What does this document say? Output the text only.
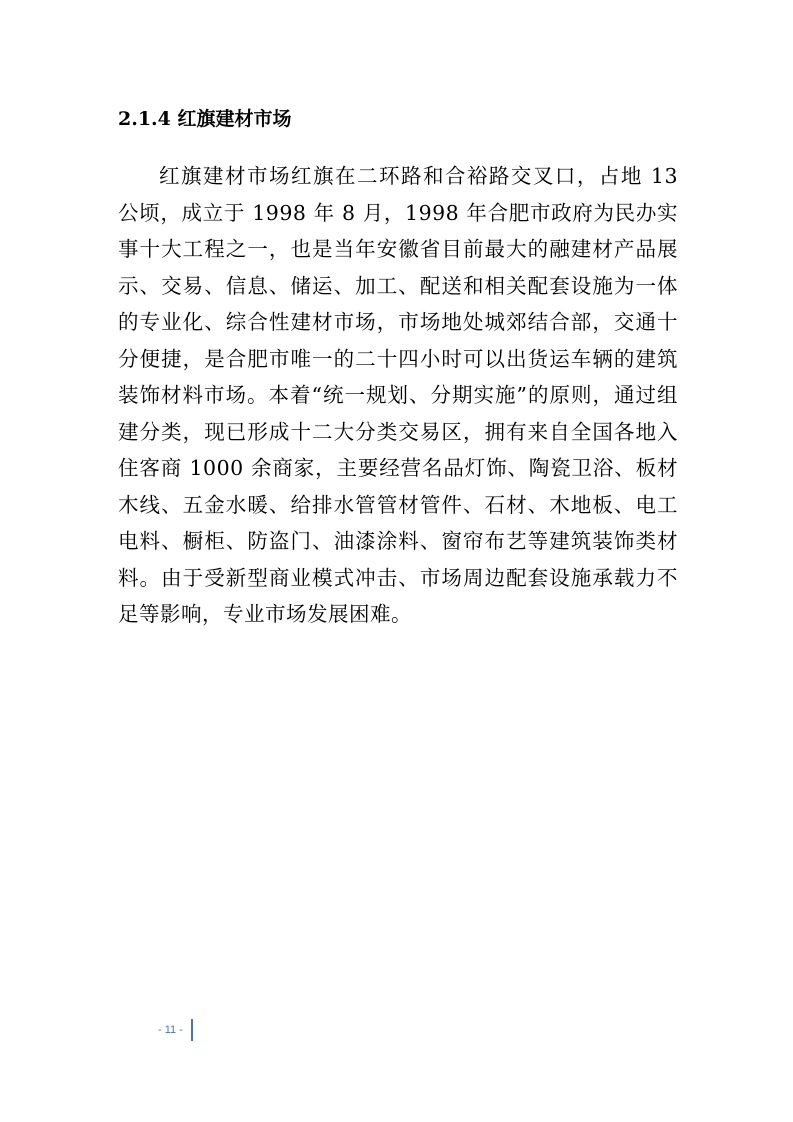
2.1.4 红旗建材市场

红旗建材市场红旗在二环路和合裕路交叉口，占地 13 公顷，成立于 1998 年 8 月，1998 年合肥市政府为民办实事十大工程之一，也是当年安徽省目前最大的融建材产品展示、交易、信息、储运、加工、配送和相关配套设施为一体的专业化、综合性建材市场，市场地处城郊结合部，交通十分便捷，是合肥市唯一的二十四小时可以出货运车辆的建筑装饰材料市场。本着“统一规划、分期实施”的原则，通过组建分类，现已形成十二大分类交易区，拥有来自全国各地入住客商 1000 余商家，主要经营名品灯饰、陶瓷卫浴、板材木线、五金水暖、给排水管管材管件、石材、木地板、电工电料、橱柜、防盗门、油漆涂料、窗帘布艺等建筑装饰类材料。由于受新型商业模式冲击、市场周边配套设施承载力不足等影响，专业市场发展困难。

- 11 -
